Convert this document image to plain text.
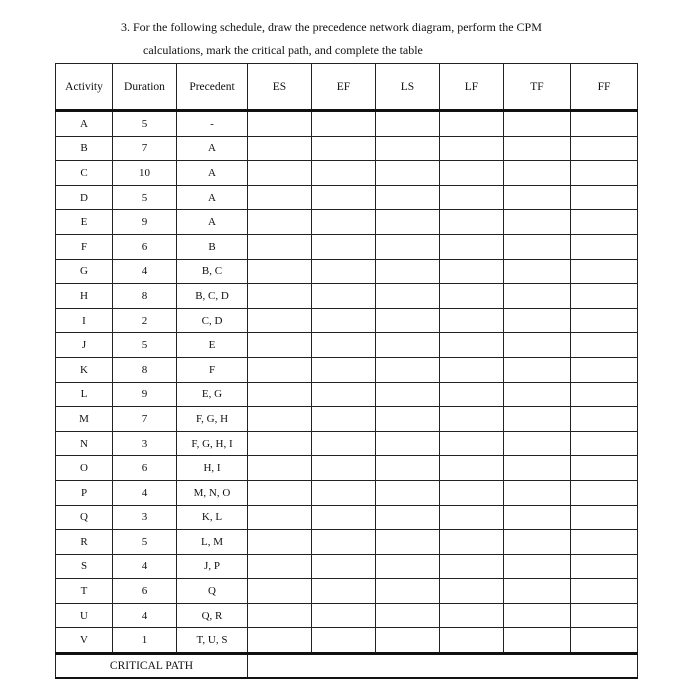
3. For the following schedule, draw the precedence network diagram, perform the CPM
calculations, mark the critical path, and complete the table
Activity	Duration	Precedent	ES	EF	LS	LF	TF	FF
A	5	-						
B	7	A						
C	10	A						
D	5	A						
E	9	A						
F	6	B						
G	4	B, C						
H	8	B, C, D						
I	2	C, D						
J	5	E						
K	8	F						
L	9	E, G						
M	7	F, G, H						
N	3	F, G, H, I						
O	6	H, I						
P	4	M, N, O						
Q	3	K, L						
R	5	L, M						
S	4	J, P						
T	6	Q						
U	4	Q, R						
V	1	T, U, S						
CRITICAL PATH								
